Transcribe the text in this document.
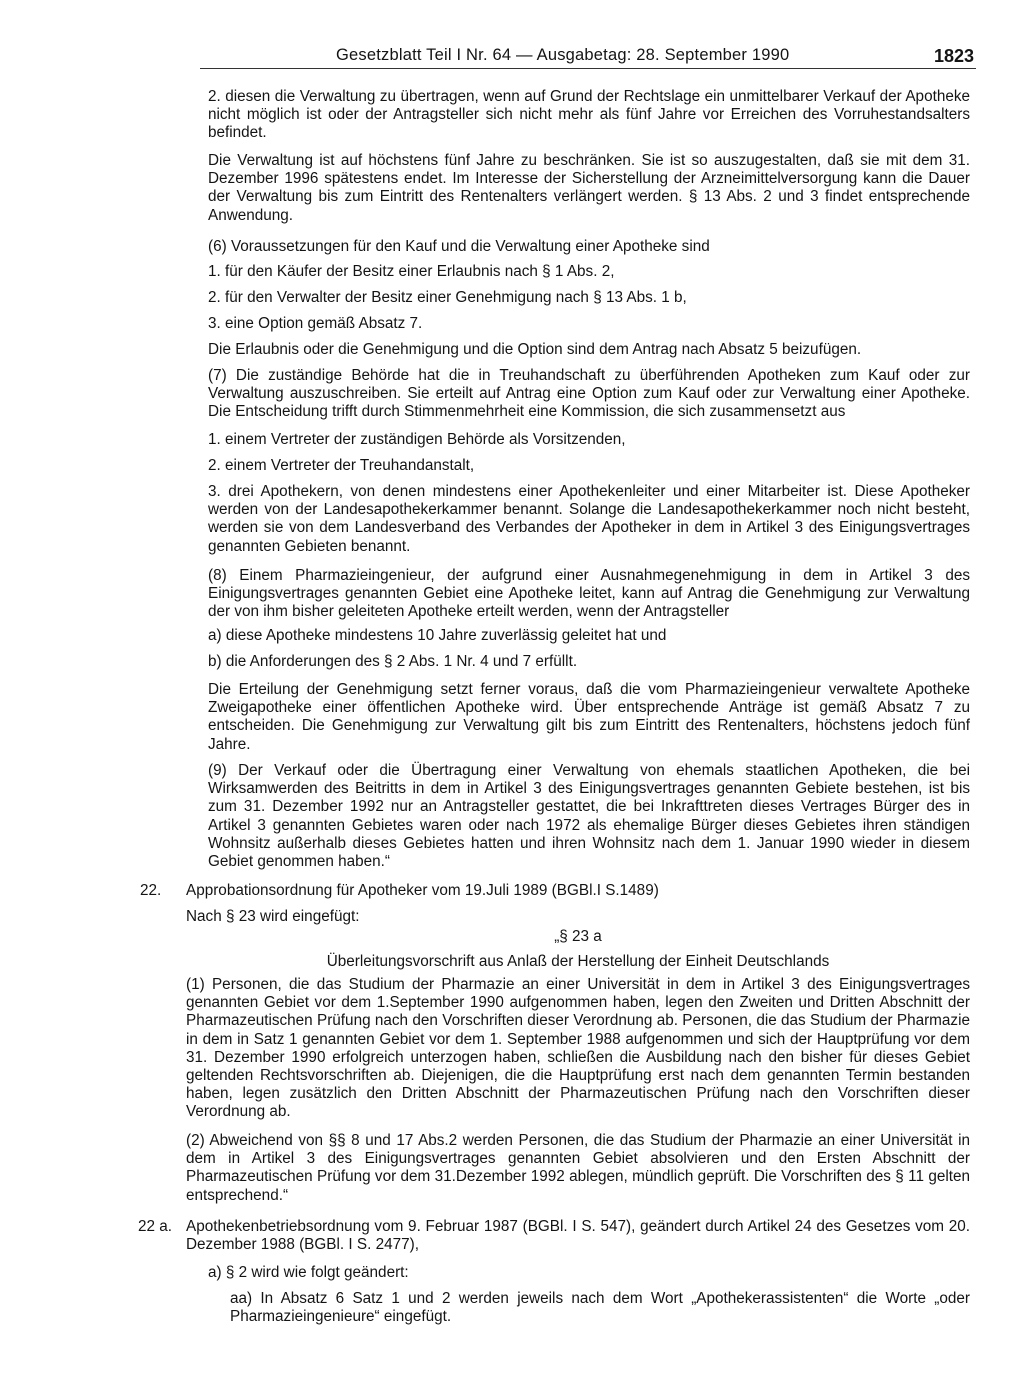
Gesetzblatt Teil I Nr. 64 — Ausgabetag: 28. September 1990	1823

2. diesen die Verwaltung zu übertragen, wenn auf Grund der Rechtslage ein unmittelbarer Verkauf der Apotheke nicht möglich ist oder der Antragsteller sich nicht mehr als fünf Jahre vor Erreichen des Vorruhestandsalters befindet.

Die Verwaltung ist auf höchstens fünf Jahre zu beschränken. Sie ist so auszugestalten, daß sie mit dem 31. Dezember 1996 spätestens endet. Im Interesse der Sicherstellung der Arzneimittelversorgung kann die Dauer der Verwaltung bis zum Eintritt des Rentenalters verlängert werden. § 13 Abs. 2 und 3 findet entsprechende Anwendung.

(6) Voraussetzungen für den Kauf und die Verwaltung einer Apotheke sind

1. für den Käufer der Besitz einer Erlaubnis nach § 1 Abs. 2,

2. für den Verwalter der Besitz einer Genehmigung nach § 13 Abs. 1 b,

3. eine Option gemäß Absatz 7.

Die Erlaubnis oder die Genehmigung und die Option sind dem Antrag nach Absatz 5 beizufügen.

(7) Die zuständige Behörde hat die in Treuhandschaft zu überführenden Apotheken zum Kauf oder zur Verwaltung auszuschreiben. Sie erteilt auf Antrag eine Option zum Kauf oder zur Verwaltung einer Apotheke. Die Entscheidung trifft durch Stimmenmehrheit eine Kommission, die sich zusammensetzt aus

1. einem Vertreter der zuständigen Behörde als Vorsitzenden,

2. einem Vertreter der Treuhandanstalt,

3. drei Apothekern, von denen mindestens einer Apothekenleiter und einer Mitarbeiter ist. Diese Apotheker werden von der Landesapothekerkammer benannt. Solange die Landesapothekerkammer noch nicht besteht, werden sie von dem Landesverband des Verbandes der Apotheker in dem in Artikel 3 des Einigungsvertrages genannten Gebieten benannt.

(8) Einem Pharmazieingenieur, der aufgrund einer Ausnahmegenehmigung in dem in Artikel 3 des Einigungsvertrages genannten Gebiet eine Apotheke leitet, kann auf Antrag die Genehmigung zur Verwaltung der von ihm bisher geleiteten Apotheke erteilt werden, wenn der Antragsteller

a) diese Apotheke mindestens 10 Jahre zuverlässig geleitet hat und

b) die Anforderungen des § 2 Abs. 1 Nr. 4 und 7 erfüllt.

Die Erteilung der Genehmigung setzt ferner voraus, daß die vom Pharmazieingenieur verwaltete Apotheke Zweigapotheke einer öffentlichen Apotheke wird. Über entsprechende Anträge ist gemäß Absatz 7 zu entscheiden. Die Genehmigung zur Verwaltung gilt bis zum Eintritt des Rentenalters, höchstens jedoch fünf Jahre.

(9) Der Verkauf oder die Übertragung einer Verwaltung von ehemals staatlichen Apotheken, die bei Wirksamwerden des Beitritts in dem in Artikel 3 des Einigungsvertrages genannten Gebiete bestehen, ist bis zum 31. Dezember 1992 nur an Antragsteller gestattet, die bei Inkrafttreten dieses Vertrages Bürger des in Artikel 3 genannten Gebietes waren oder nach 1972 als ehemalige Bürger dieses Gebietes ihren ständigen Wohnsitz außerhalb dieses Gebietes hatten und ihren Wohnsitz nach dem 1. Januar 1990 wieder in diesem Gebiet genommen haben.“

22. Approbationsordnung für Apotheker vom 19.Juli 1989 (BGBl.I S.1489)

Nach § 23 wird eingefügt:

„§ 23 a

Überleitungsvorschrift aus Anlaß der Herstellung der Einheit Deutschlands

(1) Personen, die das Studium der Pharmazie an einer Universität in dem in Artikel 3 des Einigungsvertrages genannten Gebiet vor dem 1.September 1990 aufgenommen haben, legen den Zweiten und Dritten Abschnitt der Pharmazeutischen Prüfung nach den Vorschriften dieser Verordnung ab. Personen, die das Studium der Pharmazie in dem in Satz 1 genannten Gebiet vor dem 1. September 1988 aufgenommen und sich der Hauptprüfung vor dem 31. Dezember 1990 erfolgreich unterzogen haben, schließen die Ausbildung nach den bisher für dieses Gebiet geltenden Rechtsvorschriften ab. Diejenigen, die die Hauptprüfung erst nach dem genannten Termin bestanden haben, legen zusätzlich den Dritten Abschnitt der Pharmazeutischen Prüfung nach den Vorschriften dieser Verordnung ab.

(2) Abweichend von §§ 8 und 17 Abs.2 werden Personen, die das Studium der Pharmazie an einer Universität in dem in Artikel 3 des Einigungsvertrages genannten Gebiet absolvieren und den Ersten Abschnitt der Pharmazeutischen Prüfung vor dem 31.Dezember 1992 ablegen, mündlich geprüft. Die Vorschriften des § 11 gelten entsprechend.“

22 a. Apothekenbetriebsordnung vom 9. Februar 1987 (BGBl. I S. 547), geändert durch Artikel 24 des Gesetzes vom 20. Dezember 1988 (BGBl. I S. 2477),

a) § 2 wird wie folgt geändert:

aa) In Absatz 6 Satz 1 und 2 werden jeweils nach dem Wort „Apothekerassistenten“ die Worte „oder Pharmazieingenieure“ eingefügt.
